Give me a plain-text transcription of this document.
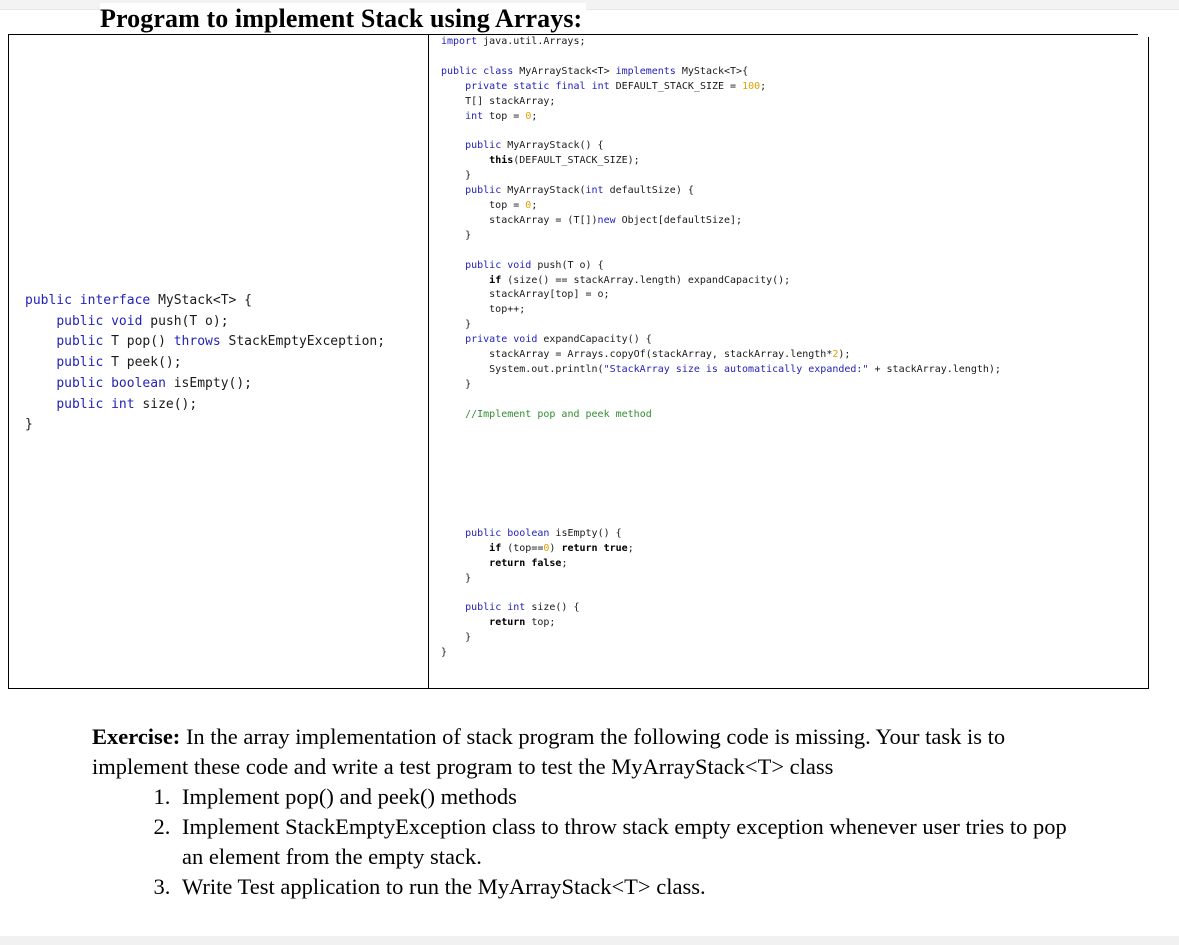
Program to implement Stack using Arrays:
public interface MyStack<T> {
public void push(T o);
public T pop() throws StackEmptyException;
public T peek();
public boolean isEmpty();
public int size();
}
import java.util.Arrays;

public class MyArrayStack<T> implements MyStack<T>{
private static final int DEFAULT_STACK_SIZE = 100;
T[] stackArray;
int top = 0;

public MyArrayStack() {
this(DEFAULT_STACK_SIZE);
}
public MyArrayStack(int defaultSize) {
top = 0;
stackArray = (T[])new Object[defaultSize];
}

public void push(T o) {
if (size() == stackArray.length) expandCapacity();
stackArray[top] = o;
top++;
}
private void expandCapacity() {
stackArray = Arrays.copyOf(stackArray, stackArray.length*2);
System.out.println("StackArray size is automatically expanded:" + stackArray.length);
}

//Implement pop and peek method

public boolean isEmpty() {
if (top==0) return true;
return false;
}

public int size() {
return top;
}
}

Exercise: In the array implementation of stack program the following code is missing. Your task is to implement these code and write a test program to test the MyArrayStack<T> class

1. Implement pop() and peek() methods
2. Implement StackEmptyException class to throw stack empty exception whenever user tries to pop an element from the empty stack.
3. Write Test application to run the MyArrayStack<T> class.
